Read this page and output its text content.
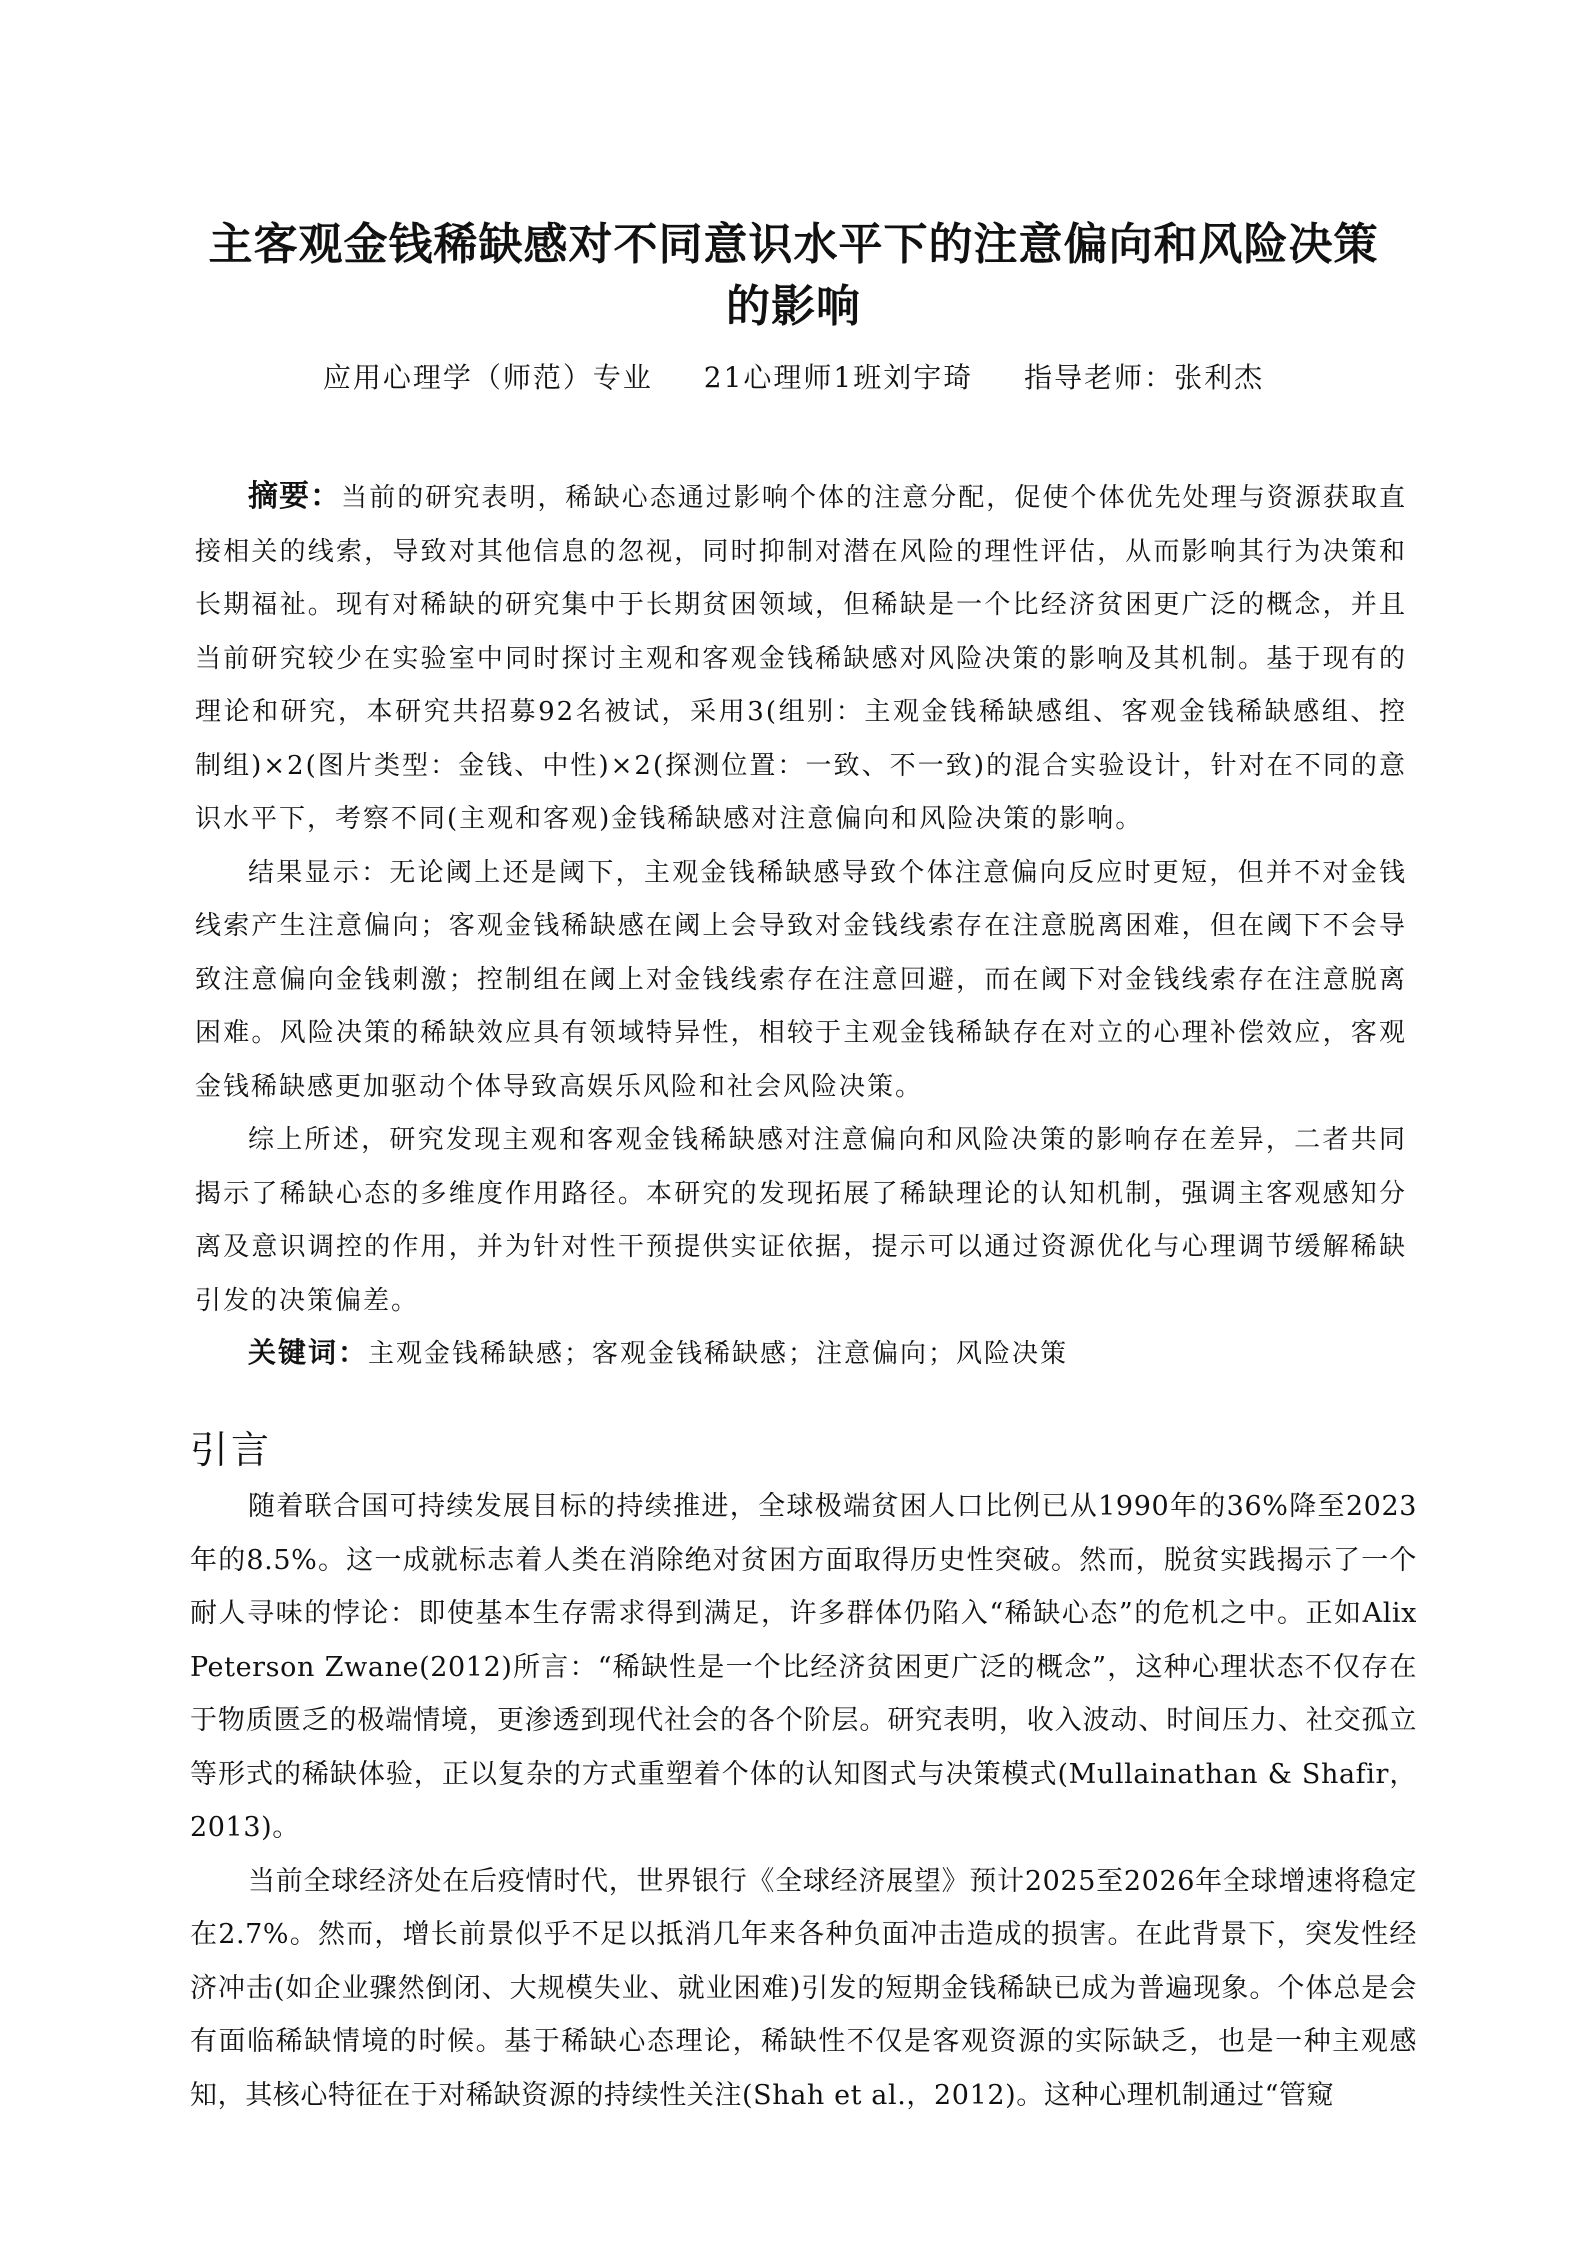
主客观金钱稀缺感对不同意识水平下的注意偏向和风险决策的影响
应用心理学（师范）专业 21心理师1班刘宇琦 指导老师：张利杰

摘要：当前的研究表明，稀缺心态通过影响个体的注意分配，促使个体优先处理与资源获取直接相关的线索，导致对其他信息的忽视，同时抑制对潜在风险的理性评估，从而影响其行为决策和长期福祉。现有对稀缺的研究集中于长期贫困领域，但稀缺是一个比经济贫困更广泛的概念，并且当前研究较少在实验室中同时探讨主观和客观金钱稀缺感对风险决策的影响及其机制。基于现有的理论和研究，本研究共招募92名被试，采用3(组别：主观金钱稀缺感组、客观金钱稀缺感组、控制组)×2(图片类型：金钱、中性)×2(探测位置：一致、不一致)的混合实验设计，针对在不同的意识水平下，考察不同(主观和客观)金钱稀缺感对注意偏向和风险决策的影响。

结果显示：无论阈上还是阈下，主观金钱稀缺感导致个体注意偏向反应时更短，但并不对金钱线索产生注意偏向；客观金钱稀缺感在阈上会导致对金钱线索存在注意脱离困难，但在阈下不会导致注意偏向金钱刺激；控制组在阈上对金钱线索存在注意回避，而在阈下对金钱线索存在注意脱离困难。风险决策的稀缺效应具有领域特异性，相较于主观金钱稀缺存在对立的心理补偿效应，客观金钱稀缺感更加驱动个体导致高娱乐风险和社会风险决策。

综上所述，研究发现主观和客观金钱稀缺感对注意偏向和风险决策的影响存在差异，二者共同揭示了稀缺心态的多维度作用路径。本研究的发现拓展了稀缺理论的认知机制，强调主客观感知分离及意识调控的作用，并为针对性干预提供实证依据，提示可以通过资源优化与心理调节缓解稀缺引发的决策偏差。

关键词：主观金钱稀缺感；客观金钱稀缺感；注意偏向；风险决策
引言

随着联合国可持续发展目标的持续推进，全球极端贫困人口比例已从1990年的36%降至2023年的8.5%。这一成就标志着人类在消除绝对贫困方面取得历史性突破。然而，脱贫实践揭示了一个耐人寻味的悖论：即使基本生存需求得到满足，许多群体仍陷入“稀缺心态”的危机之中。正如Alix Peterson Zwane(2012)所言：“稀缺性是一个比经济贫困更广泛的概念”，这种心理状态不仅存在于物质匮乏的极端情境，更渗透到现代社会的各个阶层。研究表明，收入波动、时间压力、社交孤立等形式的稀缺体验，正以复杂的方式重塑着个体的认知图式与决策模式(Mullainathan & Shafir，2013)。

当前全球经济处在后疫情时代，世界银行《全球经济展望》预计2025至2026年全球增速将稳定在2.7%。然而，增长前景似乎不足以抵消几年来各种负面冲击造成的损害。在此背景下，突发性经济冲击(如企业骤然倒闭、大规模失业、就业困难)引发的短期金钱稀缺已成为普遍现象。个体总是会有面临稀缺情境的时候。基于稀缺心态理论，稀缺性不仅是客观资源的实际缺乏，也是一种主观感知，其核心特征在于对稀缺资源的持续性关注(Shah et al.，2012)。这种心理机制通过“管窥
